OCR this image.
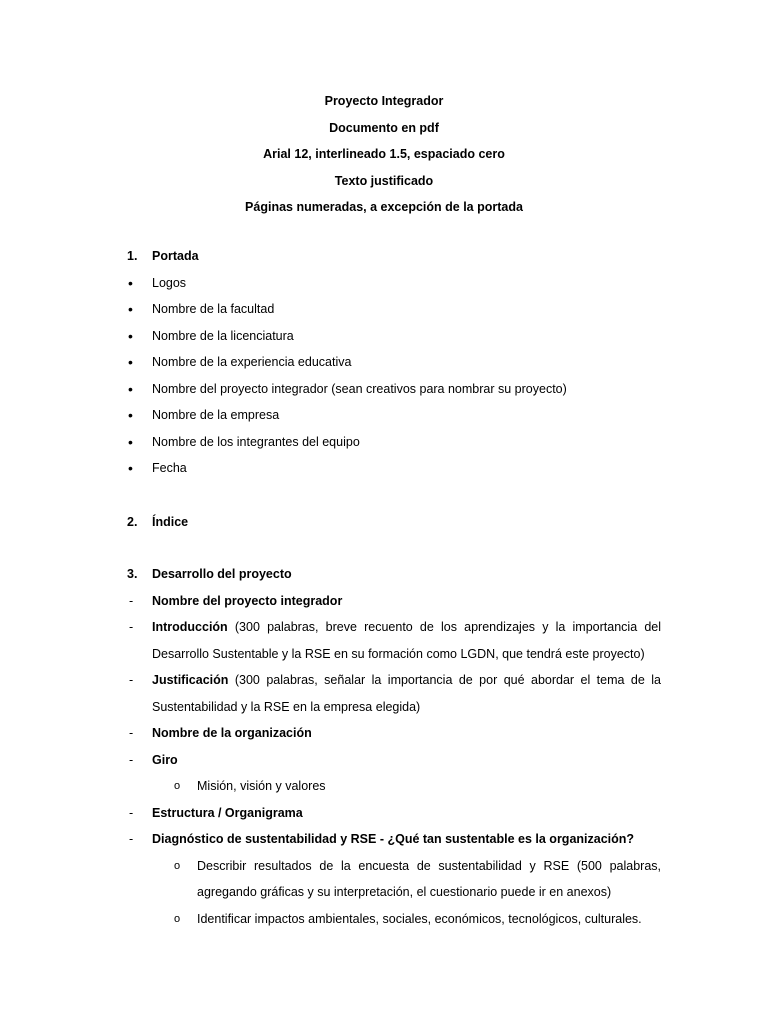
Proyecto Integrador
Documento en pdf
Arial 12, interlineado 1.5, espaciado cero
Texto justificado
Páginas numeradas, a excepción de la portada
1. Portada
• Logos
• Nombre de la facultad
• Nombre de la licenciatura
• Nombre de la experiencia educativa
• Nombre del proyecto integrador (sean creativos para nombrar su proyecto)
• Nombre de la empresa
• Nombre de los integrantes del equipo
• Fecha
2. Índice
3. Desarrollo del proyecto
- Nombre del proyecto integrador
- Introducción (300 palabras, breve recuento de los aprendizajes y la importancia del Desarrollo Sustentable y la RSE en su formación como LGDN, que tendrá este proyecto)
- Justificación (300 palabras, señalar la importancia de por qué abordar el tema de la Sustentabilidad y la RSE en la empresa elegida)
- Nombre de la organización
- Giro
o Misión, visión y valores
- Estructura / Organigrama
- Diagnóstico de sustentabilidad y RSE - ¿Qué tan sustentable es la organización?
o Describir resultados de la encuesta de sustentabilidad y RSE (500 palabras, agregando gráficas y su interpretación, el cuestionario puede ir en anexos)
o Identificar impactos ambientales, sociales, económicos, tecnológicos, culturales.
